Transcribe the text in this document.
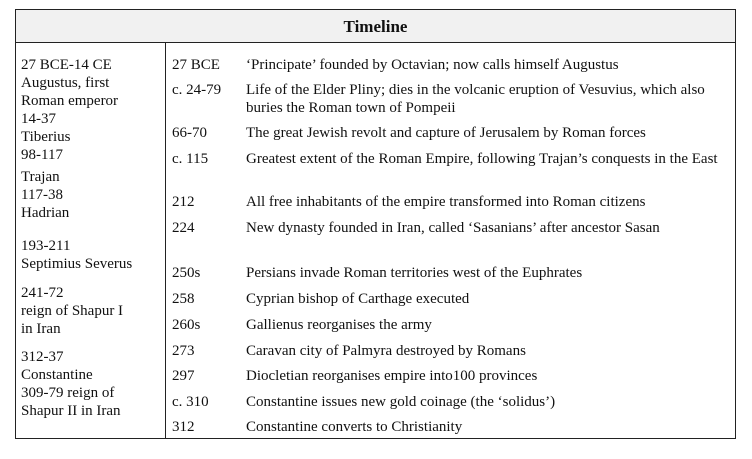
Timeline

27 BCE-14 CE

Augustus, first

Roman emperor

14-37

Tiberius

98-117

Trajan

117-38

Hadrian

193-211

Septimius Severus

241-72

reign of Shapur I

in Iran

312-37

Constantine

309-79 reign of

Shapur II in Iran

27 BCE ‘Principate’ founded by Octavian; now calls himself Augustus
c. 24-79 Life of the Elder Pliny; dies in the volcanic eruption of Vesuvius, which also buries the Roman town of Pompeii
66-70	The great Jewish revolt and capture of Jerusalem by Roman forces
c. 115	Greatest extent of the Roman Empire, following Trajan’s conquests in the East
212	All free inhabitants of the empire transformed into Roman citizens
224	New dynasty founded in Iran, called ‘Sasanians’ after ancestor Sasan
250s	Persians invade Roman territories west of the Euphrates
258	Cyprian bishop of Carthage executed
260s	Gallienus reorganises the army
273	Caravan city of Palmyra destroyed by Romans
297	Diocletian reorganises empire into100 provinces
c. 310 Constantine issues new gold coinage (the ‘solidus’)
312	Constantine converts to Christianity
